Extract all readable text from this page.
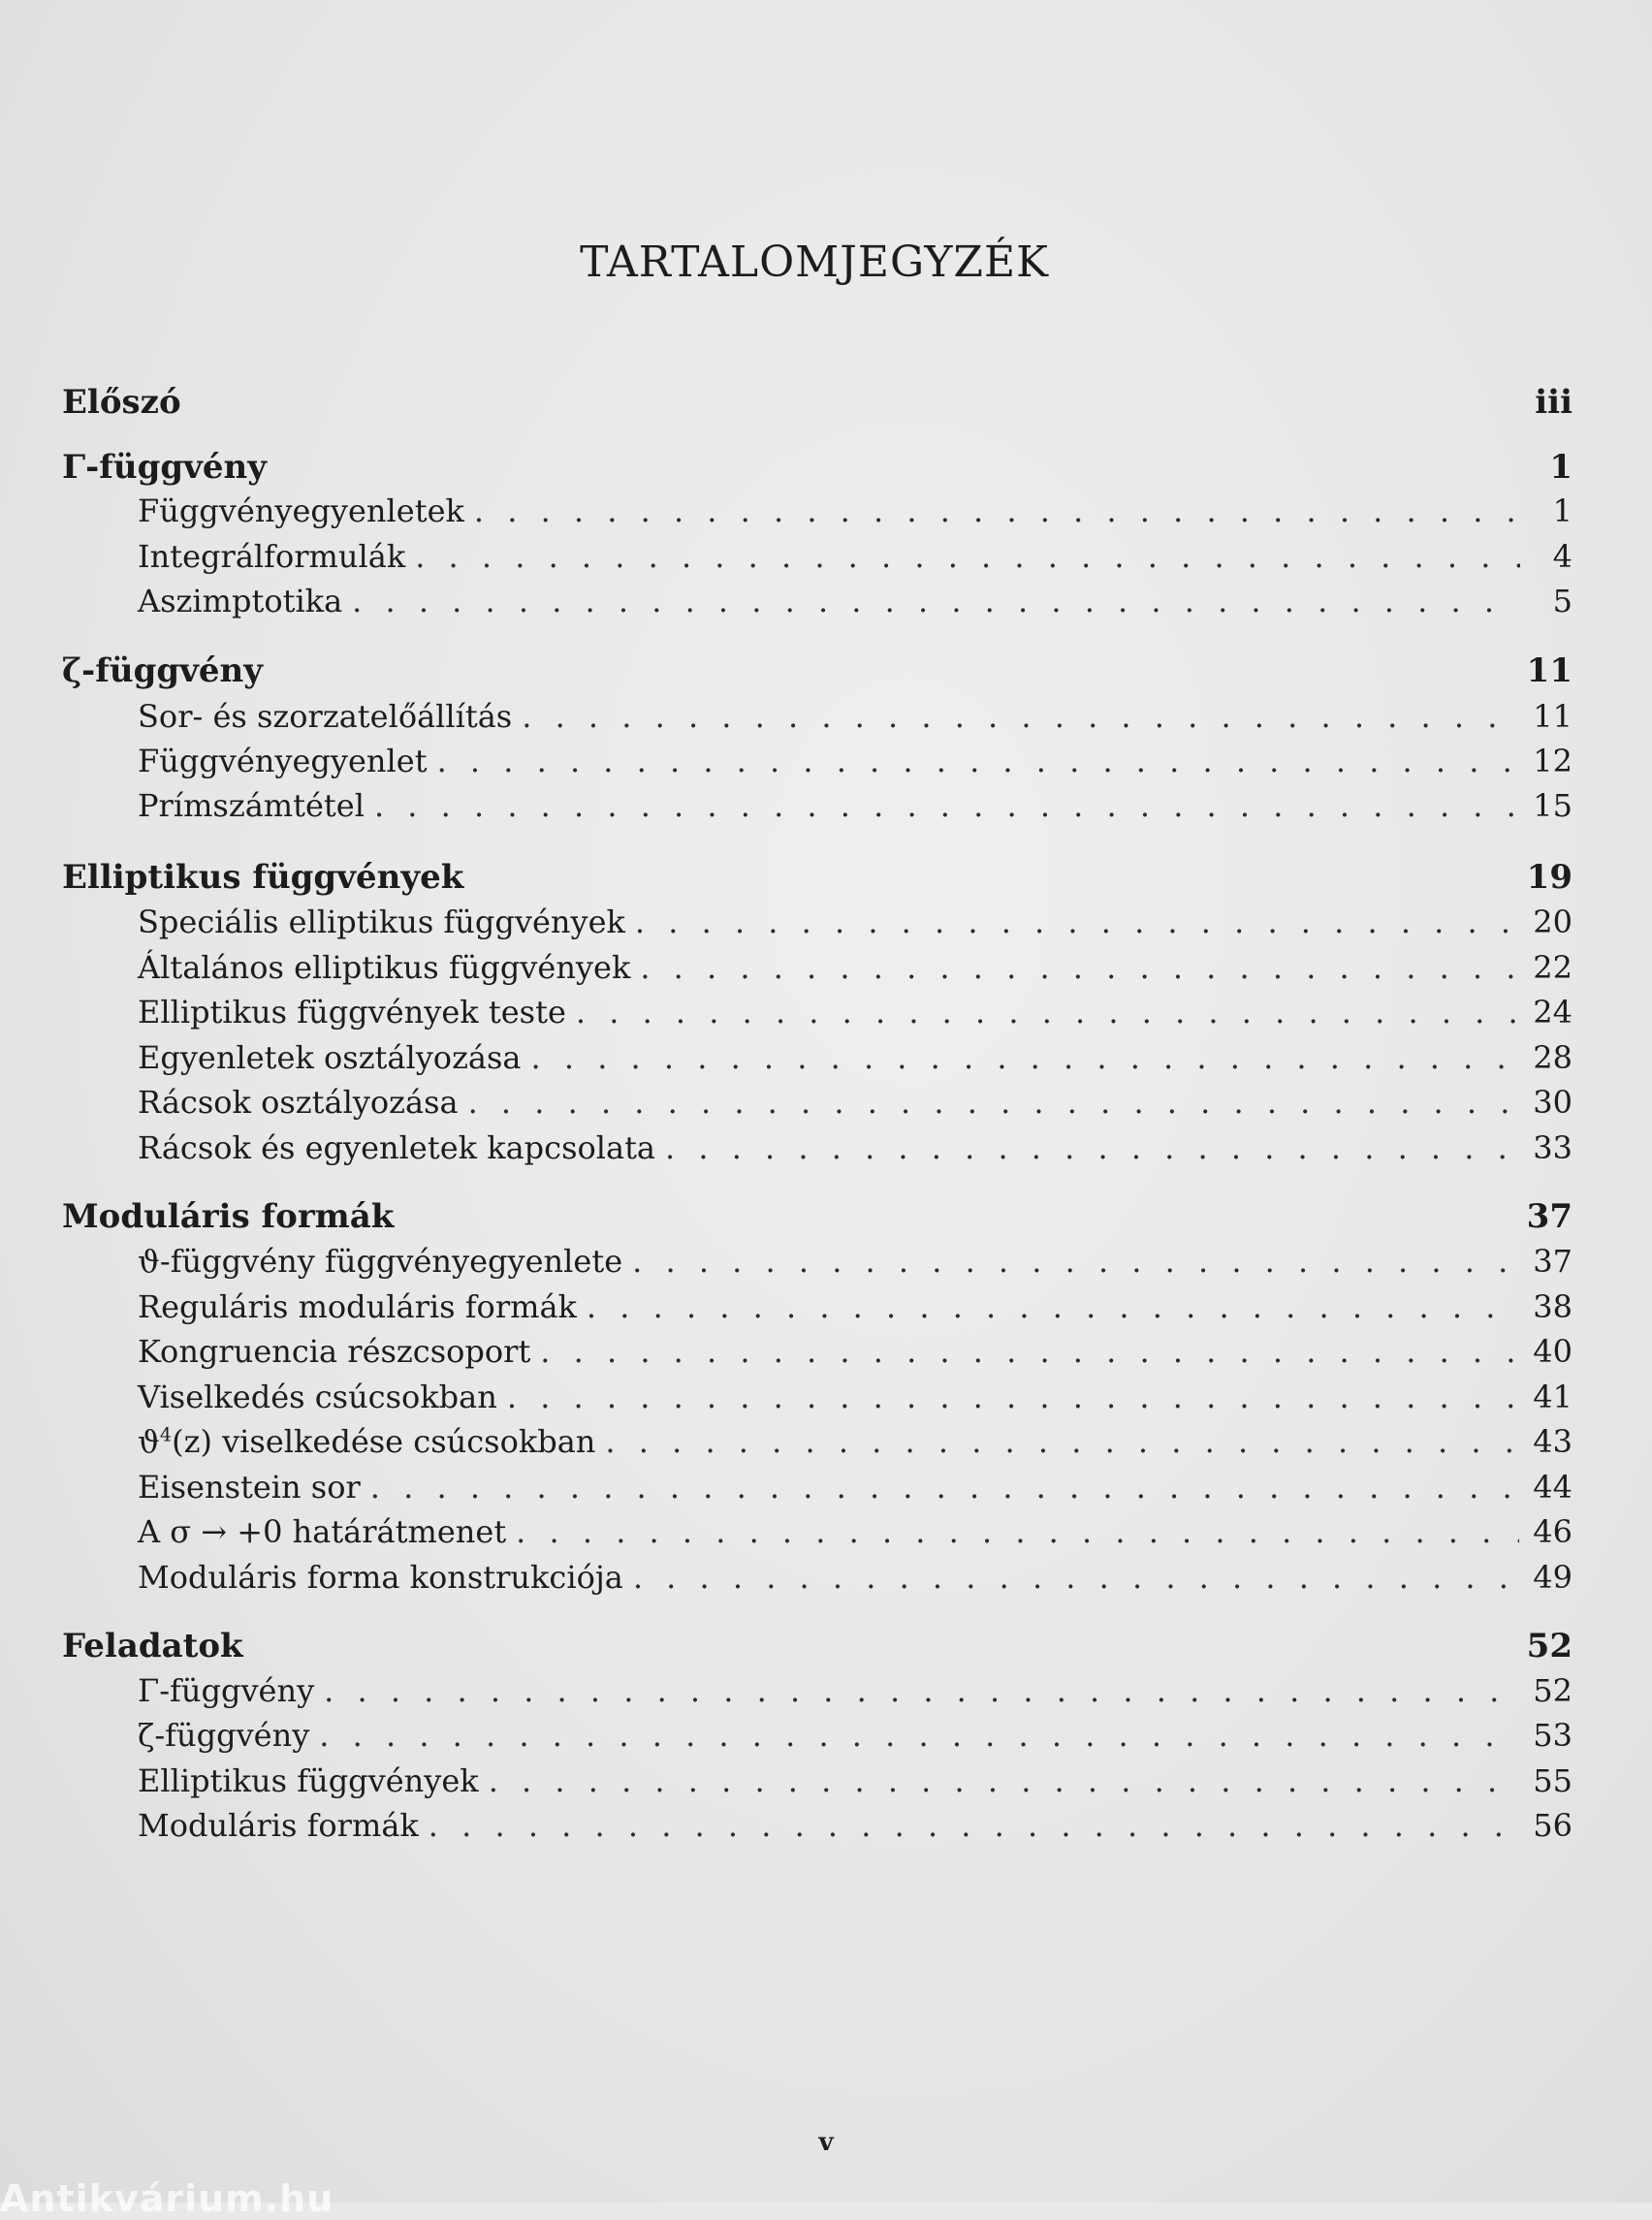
TARTALOMJEGYZÉK
Előszó	iii
Γ-függvény	1
Függvényegyenletek . . .	1
Integrálformulák . . .	4
Aszimptotika . . .	5
ζ-függvény	11
Sor- és szorzatelőállítás . . .	11
Függvényegyenlet . . .	12
Prímszámtétel . . .	15
Elliptikus függvények	19
Speciális elliptikus függvények . . .	20
Általános elliptikus függvények . . .	22
Elliptikus függvények teste . . .	24
Egyenletek osztályozása . . .	28
Rácsok osztályozása . . .	30
Rácsok és egyenletek kapcsolata . . .	33
Moduláris formák	37
ϑ-függvény függvényegyenlete . . .	37
Reguláris moduláris formák . . .	38
Kongruencia részcsoport . . .	40
Viselkedés csúcsokban . . .	41
$ϑ^4(z)$ viselkedése csúcsokban . . .	43
Eisenstein sor . . .	44
A σ → +0 határátmenet . . .	46
Moduláris forma konstrukciója . . .	49
Feladatok	52
Γ-függvény . . .	52
ζ-függvény . . .	53
Elliptikus függvények . . .	55
Moduláris formák . . .	56
v
Antikvárium.hu
